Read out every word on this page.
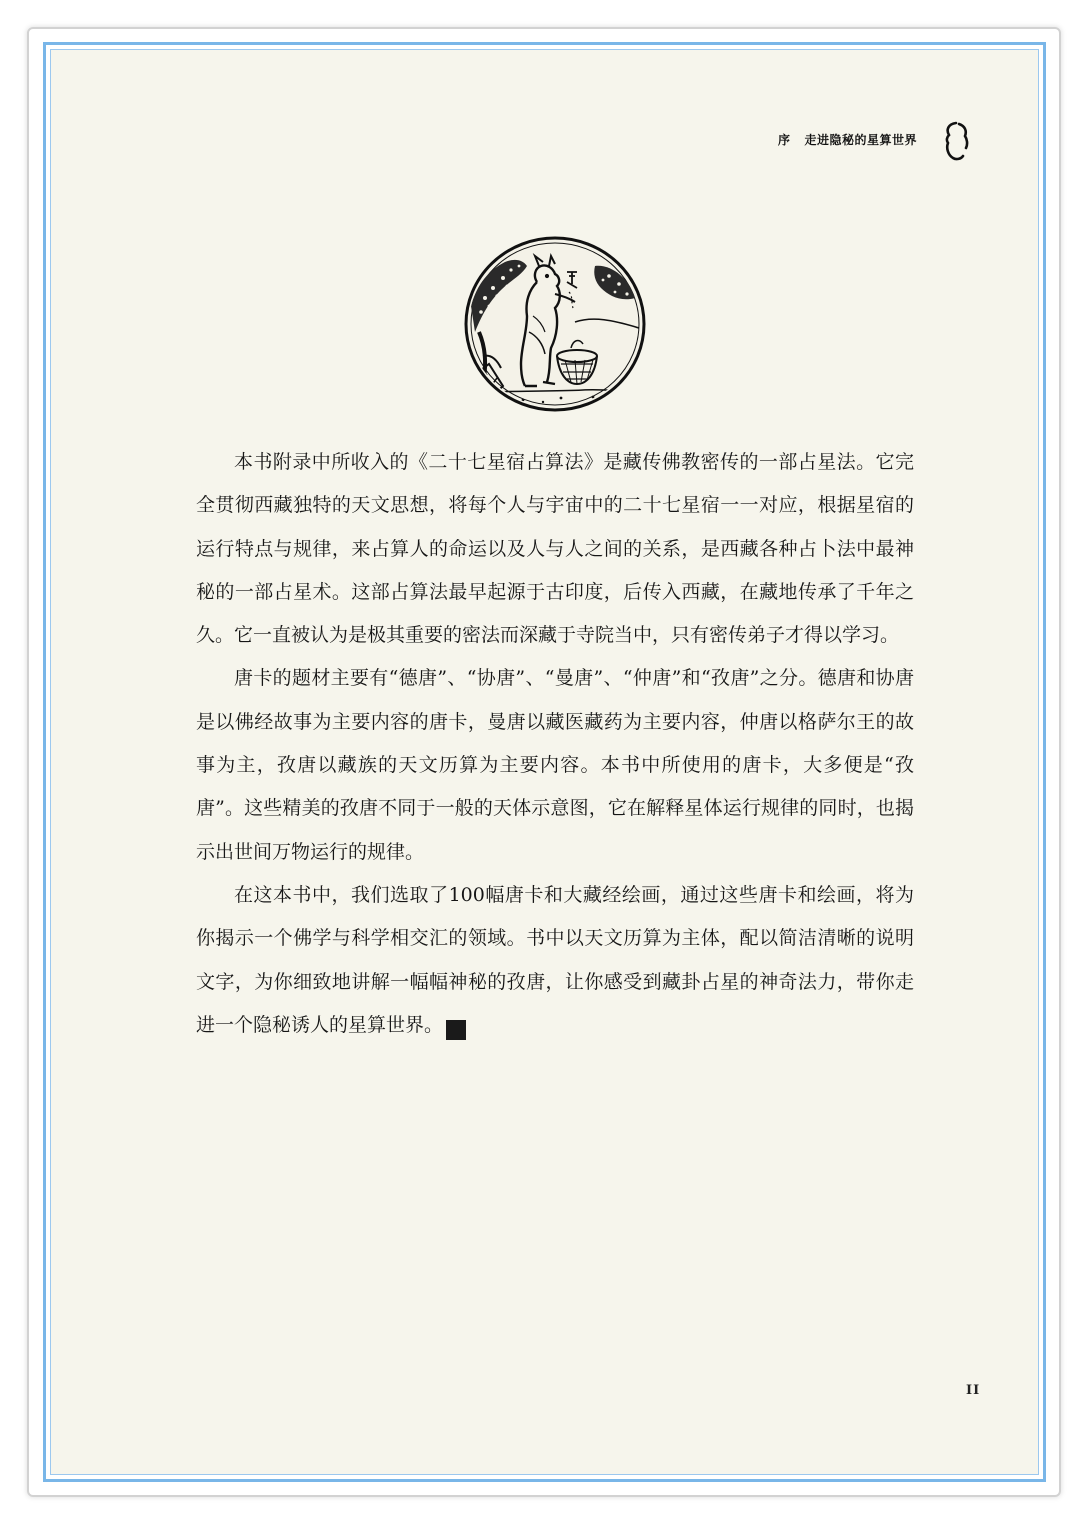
序 走进隐秘的星算世界

本书附录中所收入的《二十七星宿占算法》是藏传佛教密传的一部占星法。它完全贯彻西藏独特的天文思想，将每个人与宇宙中的二十七星宿一一对应，根据星宿的运行特点与规律，来占算人的命运以及人与人之间的关系，是西藏各种占卜法中最神秘的一部占星术。这部占算法最早起源于古印度，后传入西藏，在藏地传承了千年之久。它一直被认为是极其重要的密法而深藏于寺院当中，只有密传弟子才得以学习。

唐卡的题材主要有“德唐”、“协唐”、“曼唐”、“仲唐”和“孜唐”之分。德唐和协唐是以佛经故事为主要内容的唐卡，曼唐以藏医藏药为主要内容，仲唐以格萨尔王的故事为主，孜唐以藏族的天文历算为主要内容。本书中所使用的唐卡，大多便是“孜唐”。这些精美的孜唐不同于一般的天体示意图，它在解释星体运行规律的同时，也揭示出世间万物运行的规律。

在这本书中，我们选取了100幅唐卡和大藏经绘画，通过这些唐卡和绘画，将为你揭示一个佛学与科学相交汇的领域。书中以天文历算为主体，配以简洁清晰的说明文字，为你细致地讲解一幅幅神秘的孜唐，让你感受到藏卦占星的神奇法力，带你走进一个隐秘诱人的星算世界。	线

II
